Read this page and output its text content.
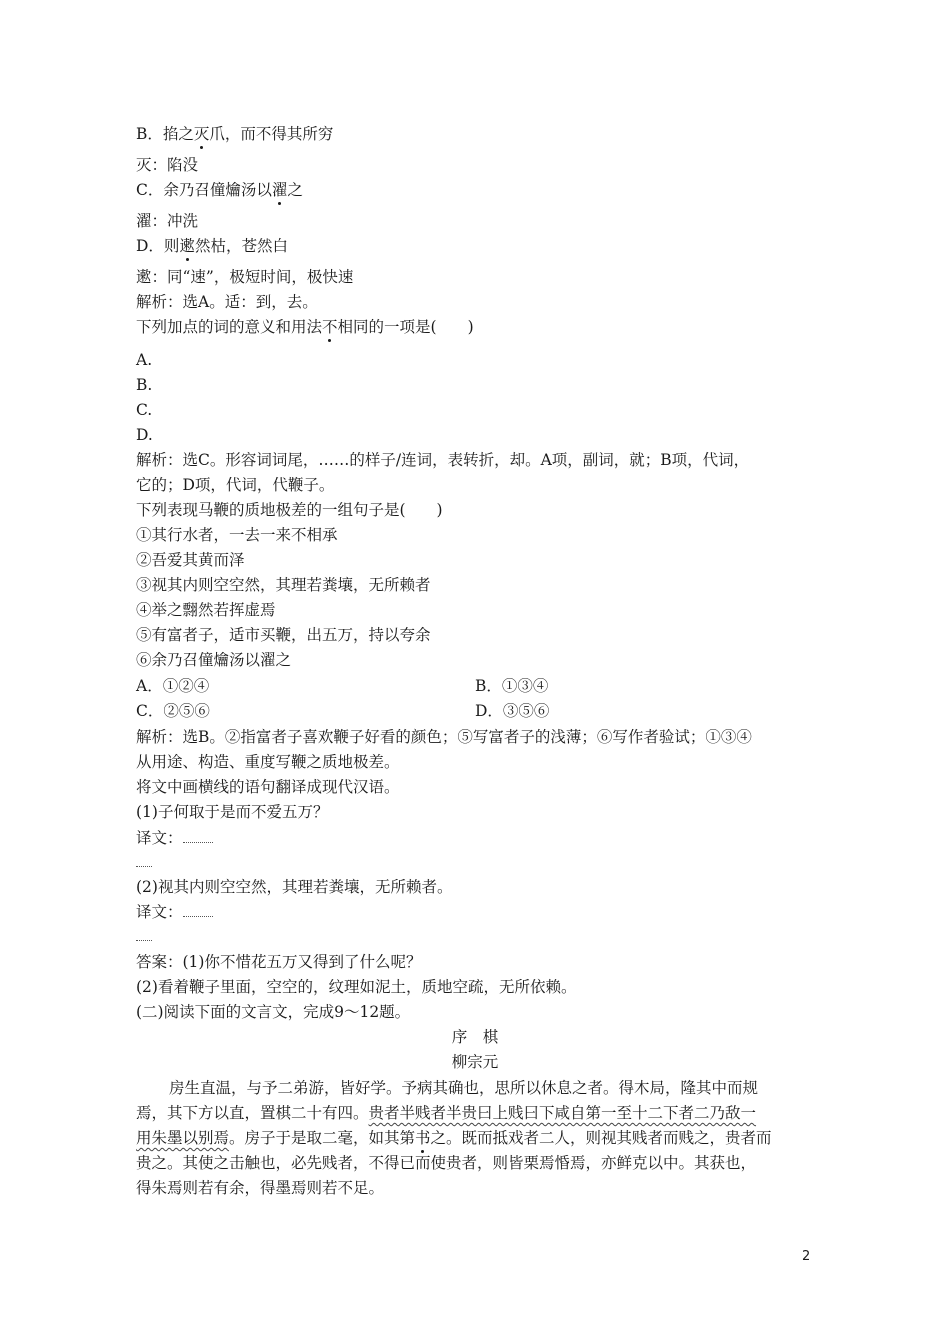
B．掐之灭爪，而不得其所穷
灭：陷没
C．余乃召僮爚汤以濯之
濯：冲洗
D．则遬然枯，苍然白
遬：同“速”，极短时间，极快速
解析：选A。适：到，去。
下列加点的词的意义和用法不相同的一项是(　　)
A.
B.
C.
D.
解析：选C。形容词词尾，……的样子/连词，表转折，却。A项，副词，就；B项，代词，
它的；D项，代词，代鞭子。
下列表现马鞭的质地极差的一组句子是(　　)
①其行水者，一去一来不相承
②吾爱其黄而泽
③视其内则空空然，其理若粪壤，无所赖者
④举之翲然若挥虚焉
⑤有富者子，适市买鞭，出五万，持以夸余
⑥余乃召僮爚汤以濯之
A．①②④	B．①③④
C．②⑤⑥	D．③⑤⑥
解析：选B。②指富者子喜欢鞭子好看的颜色；⑤写富者子的浅薄；⑥写作者验试；①③④
从用途、构造、重度写鞭之质地极差。
将文中画横线的语句翻译成现代汉语。
(1)子何取于是而不爱五万？
译文：
(2)视其内则空空然，其理若粪壤，无所赖者。
译文：
答案：(1)你不惜花五万又得到了什么呢？
(2)看着鞭子里面，空空的，纹理如泥土，质地空疏，无所依赖。
(二)阅读下面的文言文，完成9～12题。
序　棋
柳宗元
房生直温，与予二弟游，皆好学。予病其确也，思所以休息之者。得木局，隆其中而规
焉，其下方以直，置棋二十有四。贵者半贱者半贵曰上贱曰下咸自第一至十二下者二乃敌一
用朱墨以别焉。房子于是取二毫，如其第书之。既而抵戏者二人，则视其贱者而贱之，贵者而
贵之。其使之击触也，必先贱者，不得已而使贵者，则皆栗焉惛焉，亦鲜克以中。其获也，
得朱焉则若有余，得墨焉则若不足。
2
